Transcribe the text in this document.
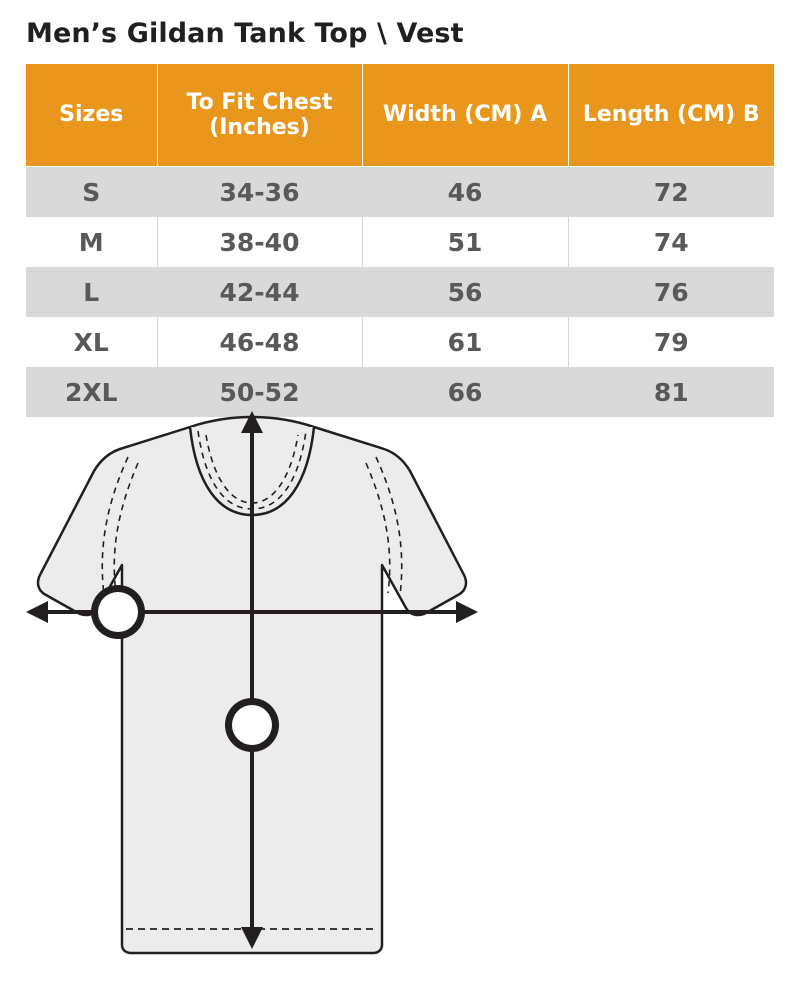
Men’s Gildan Tank Top \ Vest
Sizes	To Fit Chest (Inches)	Width (CM) A	Length (CM) B
S	34-36	46	72
M	38-40	51	74
L	42-44	56	76
XL	46-48	61	79
2XL	50-52	66	81
A
B
